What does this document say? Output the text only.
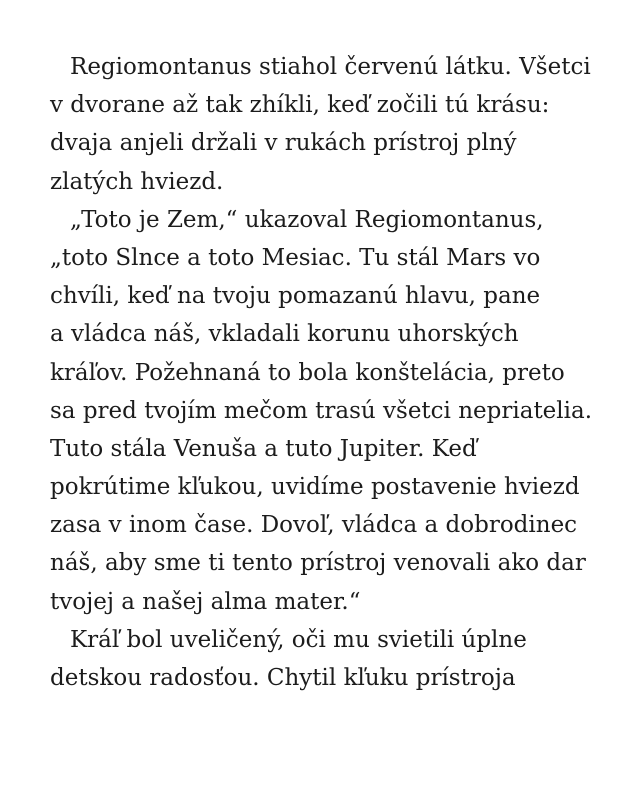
Regiomontanus stiahol červenú látku. Všetci
v dvorane až tak zhíkli, keď zočili tú krásu:
dvaja anjeli držali v rukách prístroj plný
zlatých hviezd.
„Toto je Zem,“ ukazoval Regiomontanus,
„toto Slnce a toto Mesiac. Tu stál Mars vo
chvíli, keď na tvoju pomazanú hlavu, pane
a vládca náš, vkladali korunu uhorských
kráľov. Požehnaná to bola konštelácia, preto
sa pred tvojím mečom trasú všetci nepriatelia.
Tuto stála Venuša a tuto Jupiter. Keď
pokrútime kľukou, uvidíme postavenie hviezd
zasa v inom čase. Dovoľ, vládca a dobrodinec
náš, aby sme ti tento prístroj venovali ako dar
tvojej a našej alma mater.“
Kráľ bol uveličený, oči mu svietili úplne
detskou radosťou. Chytil kľuku prístroja
